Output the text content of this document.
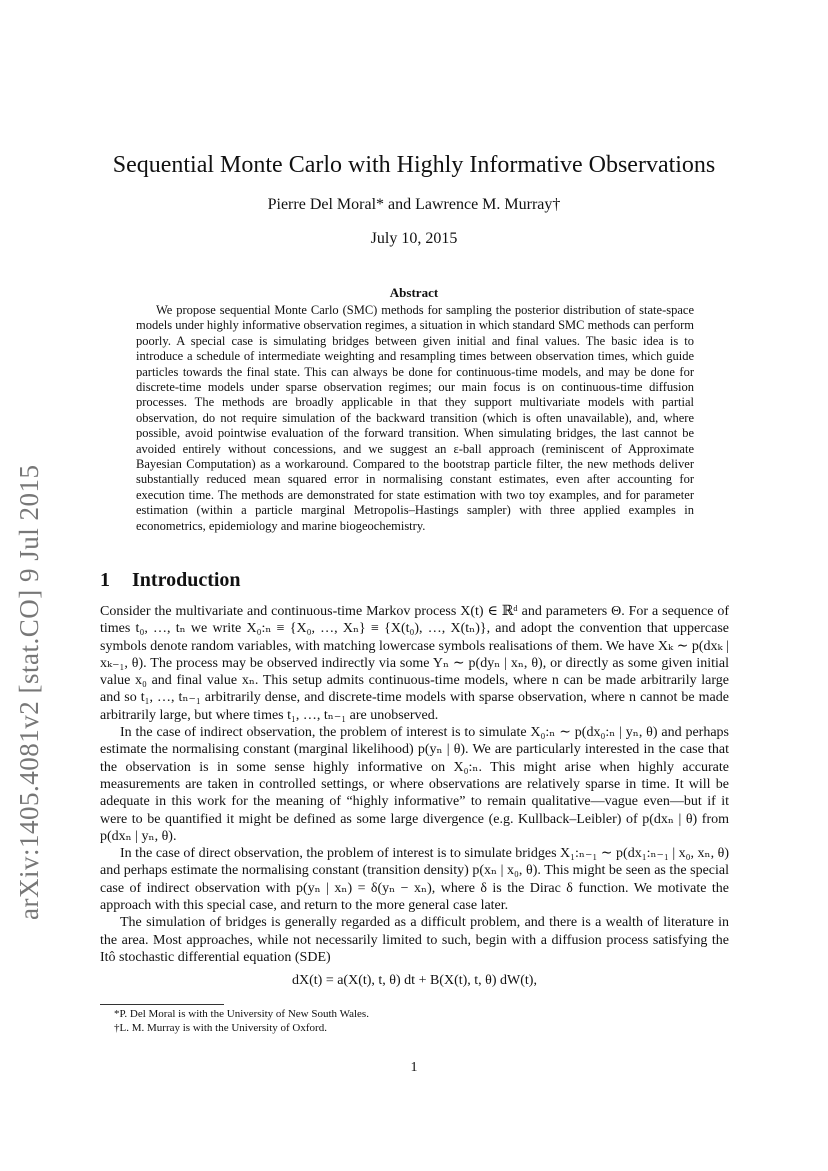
arXiv:1405.4081v2 [stat.CO] 9 Jul 2015
Sequential Monte Carlo with Highly Informative Observations
Pierre Del Moral* and Lawrence M. Murray†
July 10, 2015
Abstract
We propose sequential Monte Carlo (SMC) methods for sampling the posterior distribution of state-space models under highly informative observation regimes, a situation in which standard SMC methods can perform poorly. A special case is simulating bridges between given initial and final values. The basic idea is to introduce a schedule of intermediate weighting and resampling times between observation times, which guide particles towards the final state. This can always be done for continuous-time models, and may be done for discrete-time models under sparse observation regimes; our main focus is on continuous-time diffusion processes. The methods are broadly applicable in that they support multivariate models with partial observation, do not require simulation of the backward transition (which is often unavailable), and, where possible, avoid pointwise evaluation of the forward transition. When simulating bridges, the last cannot be avoided entirely without concessions, and we suggest an ε-ball approach (reminiscent of Approximate Bayesian Computation) as a workaround. Compared to the bootstrap particle filter, the new methods deliver substantially reduced mean squared error in normalising constant estimates, even after accounting for execution time. The methods are demonstrated for state estimation with two toy examples, and for parameter estimation (within a particle marginal Metropolis–Hastings sampler) with three applied examples in econometrics, epidemiology and marine biogeochemistry.
1 Introduction

Consider the multivariate and continuous-time Markov process X(t) ∈ ℝᵈ and parameters Θ. For a sequence of times t₀, …, tₙ we write X₀:ₙ ≡ {X₀, …, Xₙ} ≡ {X(t₀), …, X(tₙ)}, and adopt the convention that uppercase symbols denote random variables, with matching lowercase symbols realisations of them. We have Xₖ ∼ p(dxₖ | xₖ₋₁, θ). The process may be observed indirectly via some Yₙ ∼ p(dyₙ | xₙ, θ), or directly as some given initial value x₀ and final value xₙ. This setup admits continuous-time models, where n can be made arbitrarily large and so t₁, …, tₙ₋₁ arbitrarily dense, and discrete-time models with sparse observation, where n cannot be made arbitrarily large, but where times t₁, …, tₙ₋₁ are unobserved.

In the case of indirect observation, the problem of interest is to simulate X₀:ₙ ∼ p(dx₀:ₙ | yₙ, θ) and perhaps estimate the normalising constant (marginal likelihood) p(yₙ | θ). We are particularly interested in the case that the observation is in some sense highly informative on X₀:ₙ. This might arise when highly accurate measurements are taken in controlled settings, or where observations are relatively sparse in time. It will be adequate in this work for the meaning of “highly informative” to remain qualitative—vague even—but if it were to be quantified it might be defined as some large divergence (e.g. Kullback–Leibler) of p(dxₙ | θ) from p(dxₙ | yₙ, θ).

In the case of direct observation, the problem of interest is to simulate bridges X₁:ₙ₋₁ ∼ p(dx₁:ₙ₋₁ | x₀, xₙ, θ) and perhaps estimate the normalising constant (transition density) p(xₙ | x₀, θ). This might be seen as the special case of indirect observation with p(yₙ | xₙ) = δ(yₙ − xₙ), where δ is the Dirac δ function. We motivate the approach with this special case, and return to the more general case later.

The simulation of bridges is generally regarded as a difficult problem, and there is a wealth of literature in the area. Most approaches, while not necessarily limited to such, begin with a diffusion process satisfying the Itô stochastic differential equation (SDE)

dX(t) = a(X(t), t, θ) dt + B(X(t), t, θ) dW(t),

*P. Del Moral is with the University of New South Wales.
†L. M. Murray is with the University of Oxford.
1
